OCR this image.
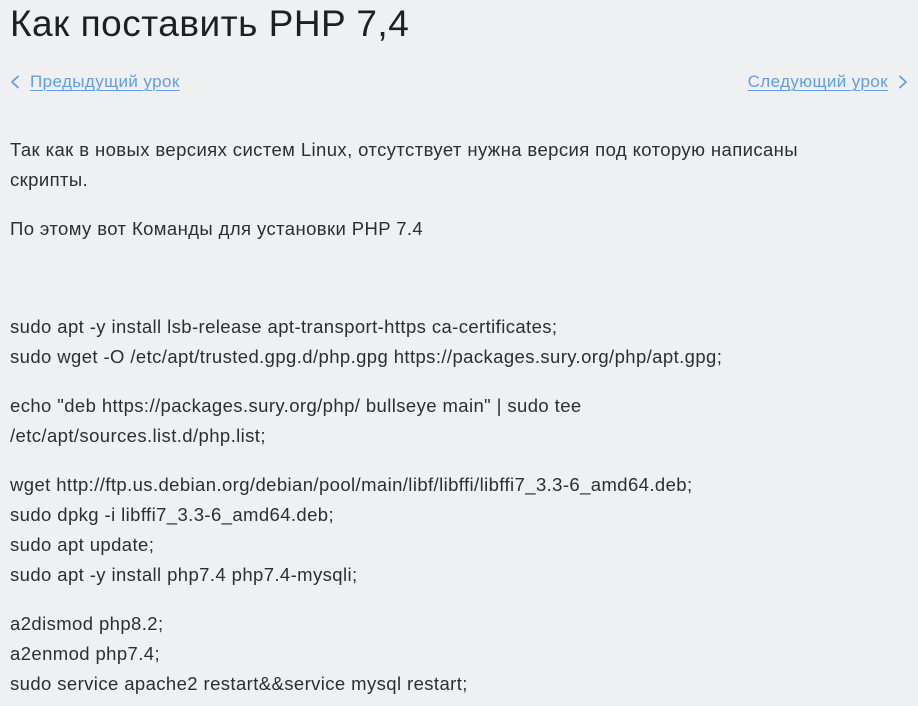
Как поставить PHP 7,4
Предыдущий урок	Следующий урок

Так как в новых версиях систем Linux, отсутствует нужна версия под которую написаны
скрипты.

По этому вот Команды для установки PHP 7.4

sudo apt -y install lsb-release apt-transport-https ca-certificates;
sudo wget -O /etc/apt/trusted.gpg.d/php.gpg https://packages.sury.org/php/apt.gpg;

echo "deb https://packages.sury.org/php/ bullseye main" | sudo tee
/etc/apt/sources.list.d/php.list;

wget http://ftp.us.debian.org/debian/pool/main/libf/libffi/libffi7_3.3-6_amd64.deb;
sudo dpkg -i libffi7_3.3-6_amd64.deb;
sudo apt update;
sudo apt -y install php7.4 php7.4-mysqli;

a2dismod php8.2;
a2enmod php7.4;
sudo service apache2 restart&&service mysql restart;
